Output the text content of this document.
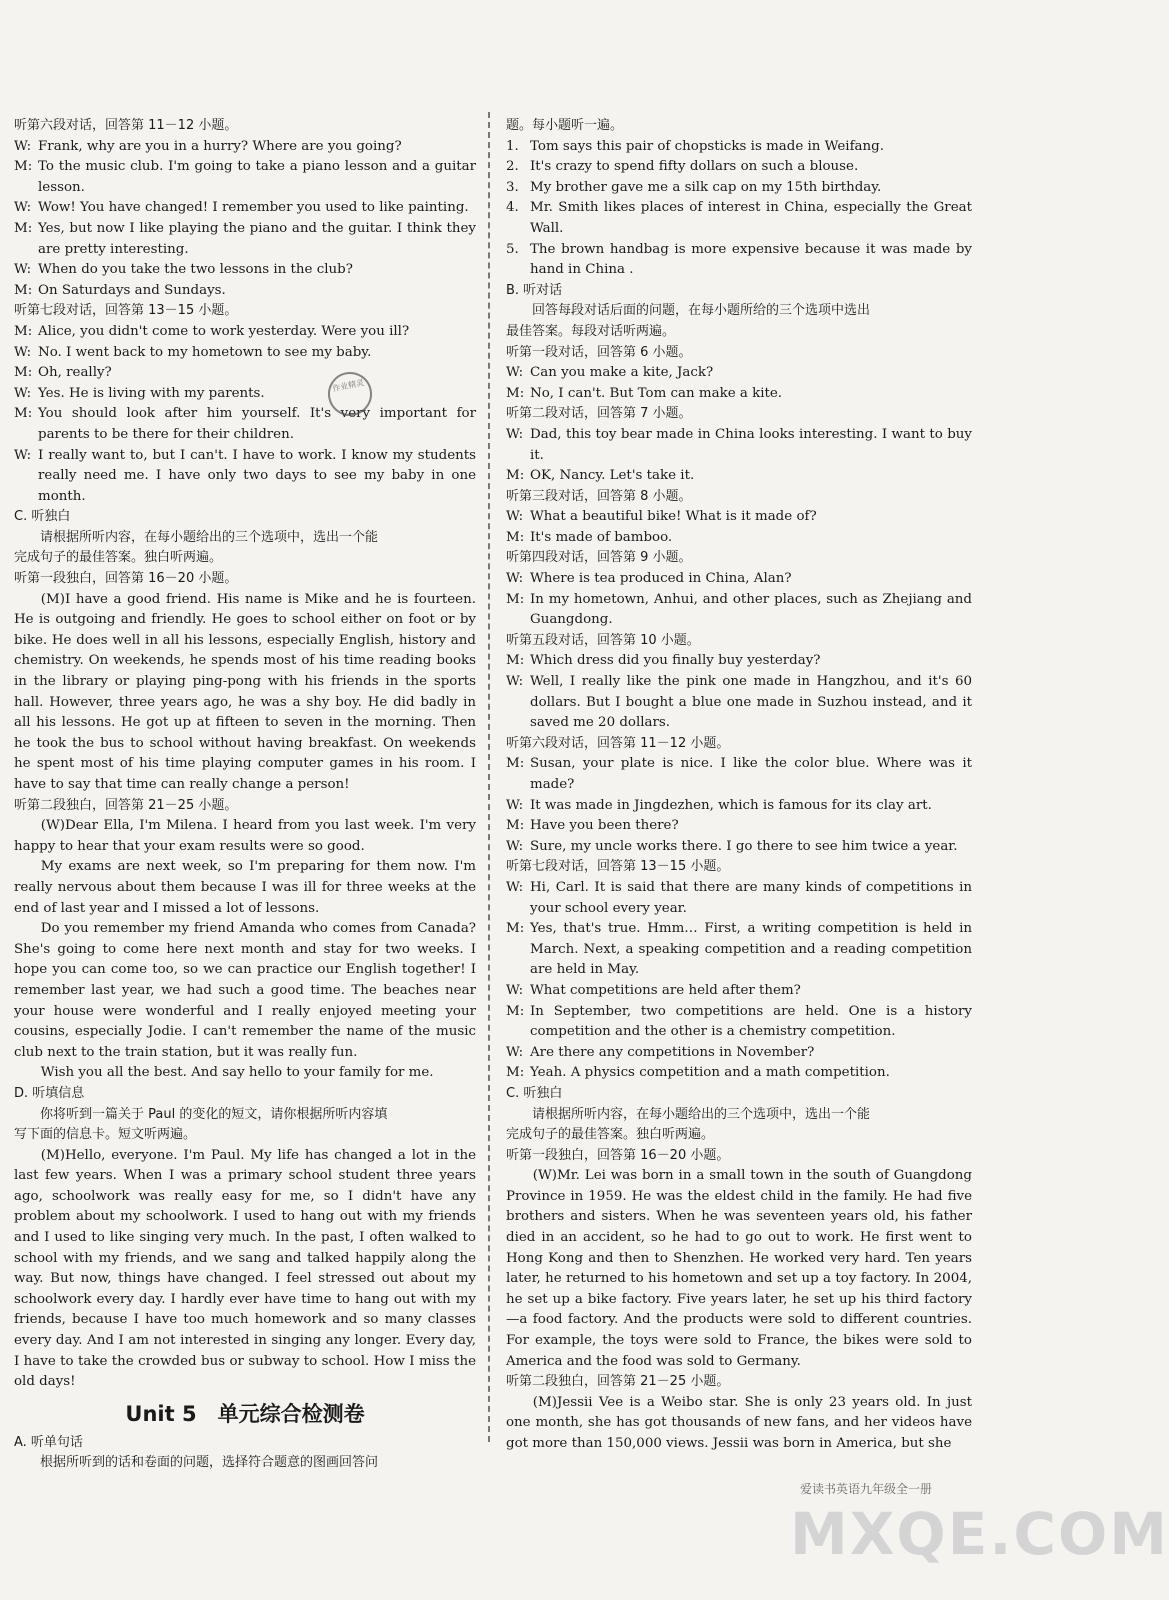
听第六段对话，回答第 11－12 小题。
W: Frank, why are you in a hurry? Where are you going?
M: To the music club. I'm going to take a piano lesson and a guitar lesson.
W: Wow! You have changed! I remember you used to like painting.
M: Yes, but now I like playing the piano and the guitar. I think they are pretty interesting.
W: When do you take the two lessons in the club?
M: On Saturdays and Sundays.
听第七段对话，回答第 13－15 小题。
M: Alice, you didn't come to work yesterday. Were you ill?
W: No. I went back to my hometown to see my baby.
M: Oh, really?
W: Yes. He is living with my parents.
M: You should look after him yourself. It's very important for parents to be there for their children.
W: I really want to, but I can't. I have to work. I know my students really need me. I have only two days to see my baby in one month.
C. 听独白
请根据所听内容，在每小题给出的三个选项中，选出一个能
完成句子的最佳答案。独白听两遍。
听第一段独白，回答第 16－20 小题。
(M)I have a good friend. His name is Mike and he is fourteen. He is outgoing and friendly. He goes to school either on foot or by bike. He does well in all his lessons, especially English, history and chemistry. On weekends, he spends most of his time reading books in the library or playing ping-pong with his friends in the sports hall. However, three years ago, he was a shy boy. He did badly in all his lessons. He got up at fifteen to seven in the morning. Then he took the bus to school without having breakfast. On weekends he spent most of his time playing computer games in his room. I have to say that time can really change a person!
听第二段独白，回答第 21－25 小题。
(W)Dear Ella, I'm Milena. I heard from you last week. I'm very happy to hear that your exam results were so good.
My exams are next week, so I'm preparing for them now. I'm really nervous about them because I was ill for three weeks at the end of last year and I missed a lot of lessons.
Do you remember my friend Amanda who comes from Canada? She's going to come here next month and stay for two weeks. I hope you can come too, so we can practice our English together! I remember last year, we had such a good time. The beaches near your house were wonderful and I really enjoyed meeting your cousins, especially Jodie. I can't remember the name of the music club next to the train station, but it was really fun.
Wish you all the best. And say hello to your family for me.
D. 听填信息
你将听到一篇关于 Paul 的变化的短文，请你根据所听内容填
写下面的信息卡。短文听两遍。
(M)Hello, everyone. I'm Paul. My life has changed a lot in the last few years. When I was a primary school student three years ago, schoolwork was really easy for me, so I didn't have any problem about my schoolwork. I used to hang out with my friends and I used to like singing very much. In the past, I often walked to school with my friends, and we sang and talked happily along the way. But now, things have changed. I feel stressed out about my schoolwork every day. I hardly ever have time to hang out with my friends, because I have too much homework and so many classes every day. And I am not interested in singing any longer. Every day, I have to take the crowded bus or subway to school. How I miss the old days!
Unit 5　单元综合检测卷
A. 听单句话
根据所听到的话和卷面的问题，选择符合题意的图画回答问
题。每小题听一遍。
1. Tom says this pair of chopsticks is made in Weifang.
2. It's crazy to spend fifty dollars on such a blouse.
3. My brother gave me a silk cap on my 15th birthday.
4. Mr. Smith likes places of interest in China, especially the Great Wall.
5. The brown handbag is more expensive because it was made by hand in China .
B. 听对话
回答每段对话后面的问题，在每小题所给的三个选项中选出
最佳答案。每段对话听两遍。
听第一段对话，回答第 6 小题。
W: Can you make a kite, Jack?
M: No, I can't. But Tom can make a kite.
听第二段对话，回答第 7 小题。
W: Dad, this toy bear made in China looks interesting. I want to buy it.
M: OK, Nancy. Let's take it.
听第三段对话，回答第 8 小题。
W: What a beautiful bike! What is it made of?
M: It's made of bamboo.
听第四段对话，回答第 9 小题。
W: Where is tea produced in China, Alan?
M: In my hometown, Anhui, and other places, such as Zhejiang and Guangdong.
听第五段对话，回答第 10 小题。
M: Which dress did you finally buy yesterday?
W: Well, I really like the pink one made in Hangzhou, and it's 60 dollars. But I bought a blue one made in Suzhou instead, and it saved me 20 dollars.
听第六段对话，回答第 11－12 小题。
M: Susan, your plate is nice. I like the color blue. Where was it made?
W: It was made in Jingdezhen, which is famous for its clay art.
M: Have you been there?
W: Sure, my uncle works there. I go there to see him twice a year.
听第七段对话，回答第 13－15 小题。
W: Hi, Carl. It is said that there are many kinds of competitions in your school every year.
M: Yes, that's true. Hmm… First, a writing competition is held in March. Next, a speaking competition and a reading competition are held in May.
W: What competitions are held after them?
M: In September, two competitions are held. One is a history competition and the other is a chemistry competition.
W: Are there any competitions in November?
M: Yeah. A physics competition and a math competition.
C. 听独白
请根据所听内容，在每小题给出的三个选项中，选出一个能
完成句子的最佳答案。独白听两遍。
听第一段独白，回答第 16－20 小题。
(W)Mr. Lei was born in a small town in the south of Guangdong Province in 1959. He was the eldest child in the family. He had five brothers and sisters. When he was seventeen years old, his father died in an accident, so he had to go out to work. He first went to Hong Kong and then to Shenzhen. He worked very hard. Ten years later, he returned to his hometown and set up a toy factory. In 2004, he set up a bike factory. Five years later, he set up his third factory—a food factory. And the products were sold to different countries. For example, the toys were sold to France, the bikes were sold to America and the food was sold to Germany.
听第二段独白，回答第 21－25 小题。
(M)Jessii Vee is a Weibo star. She is only 23 years old. In just one month, she has got thousands of new fans, and her videos have got more than 150,000 views. Jessii was born in America, but she
作业精灵
爱读书英语九年级全一册
MXQE.COM
